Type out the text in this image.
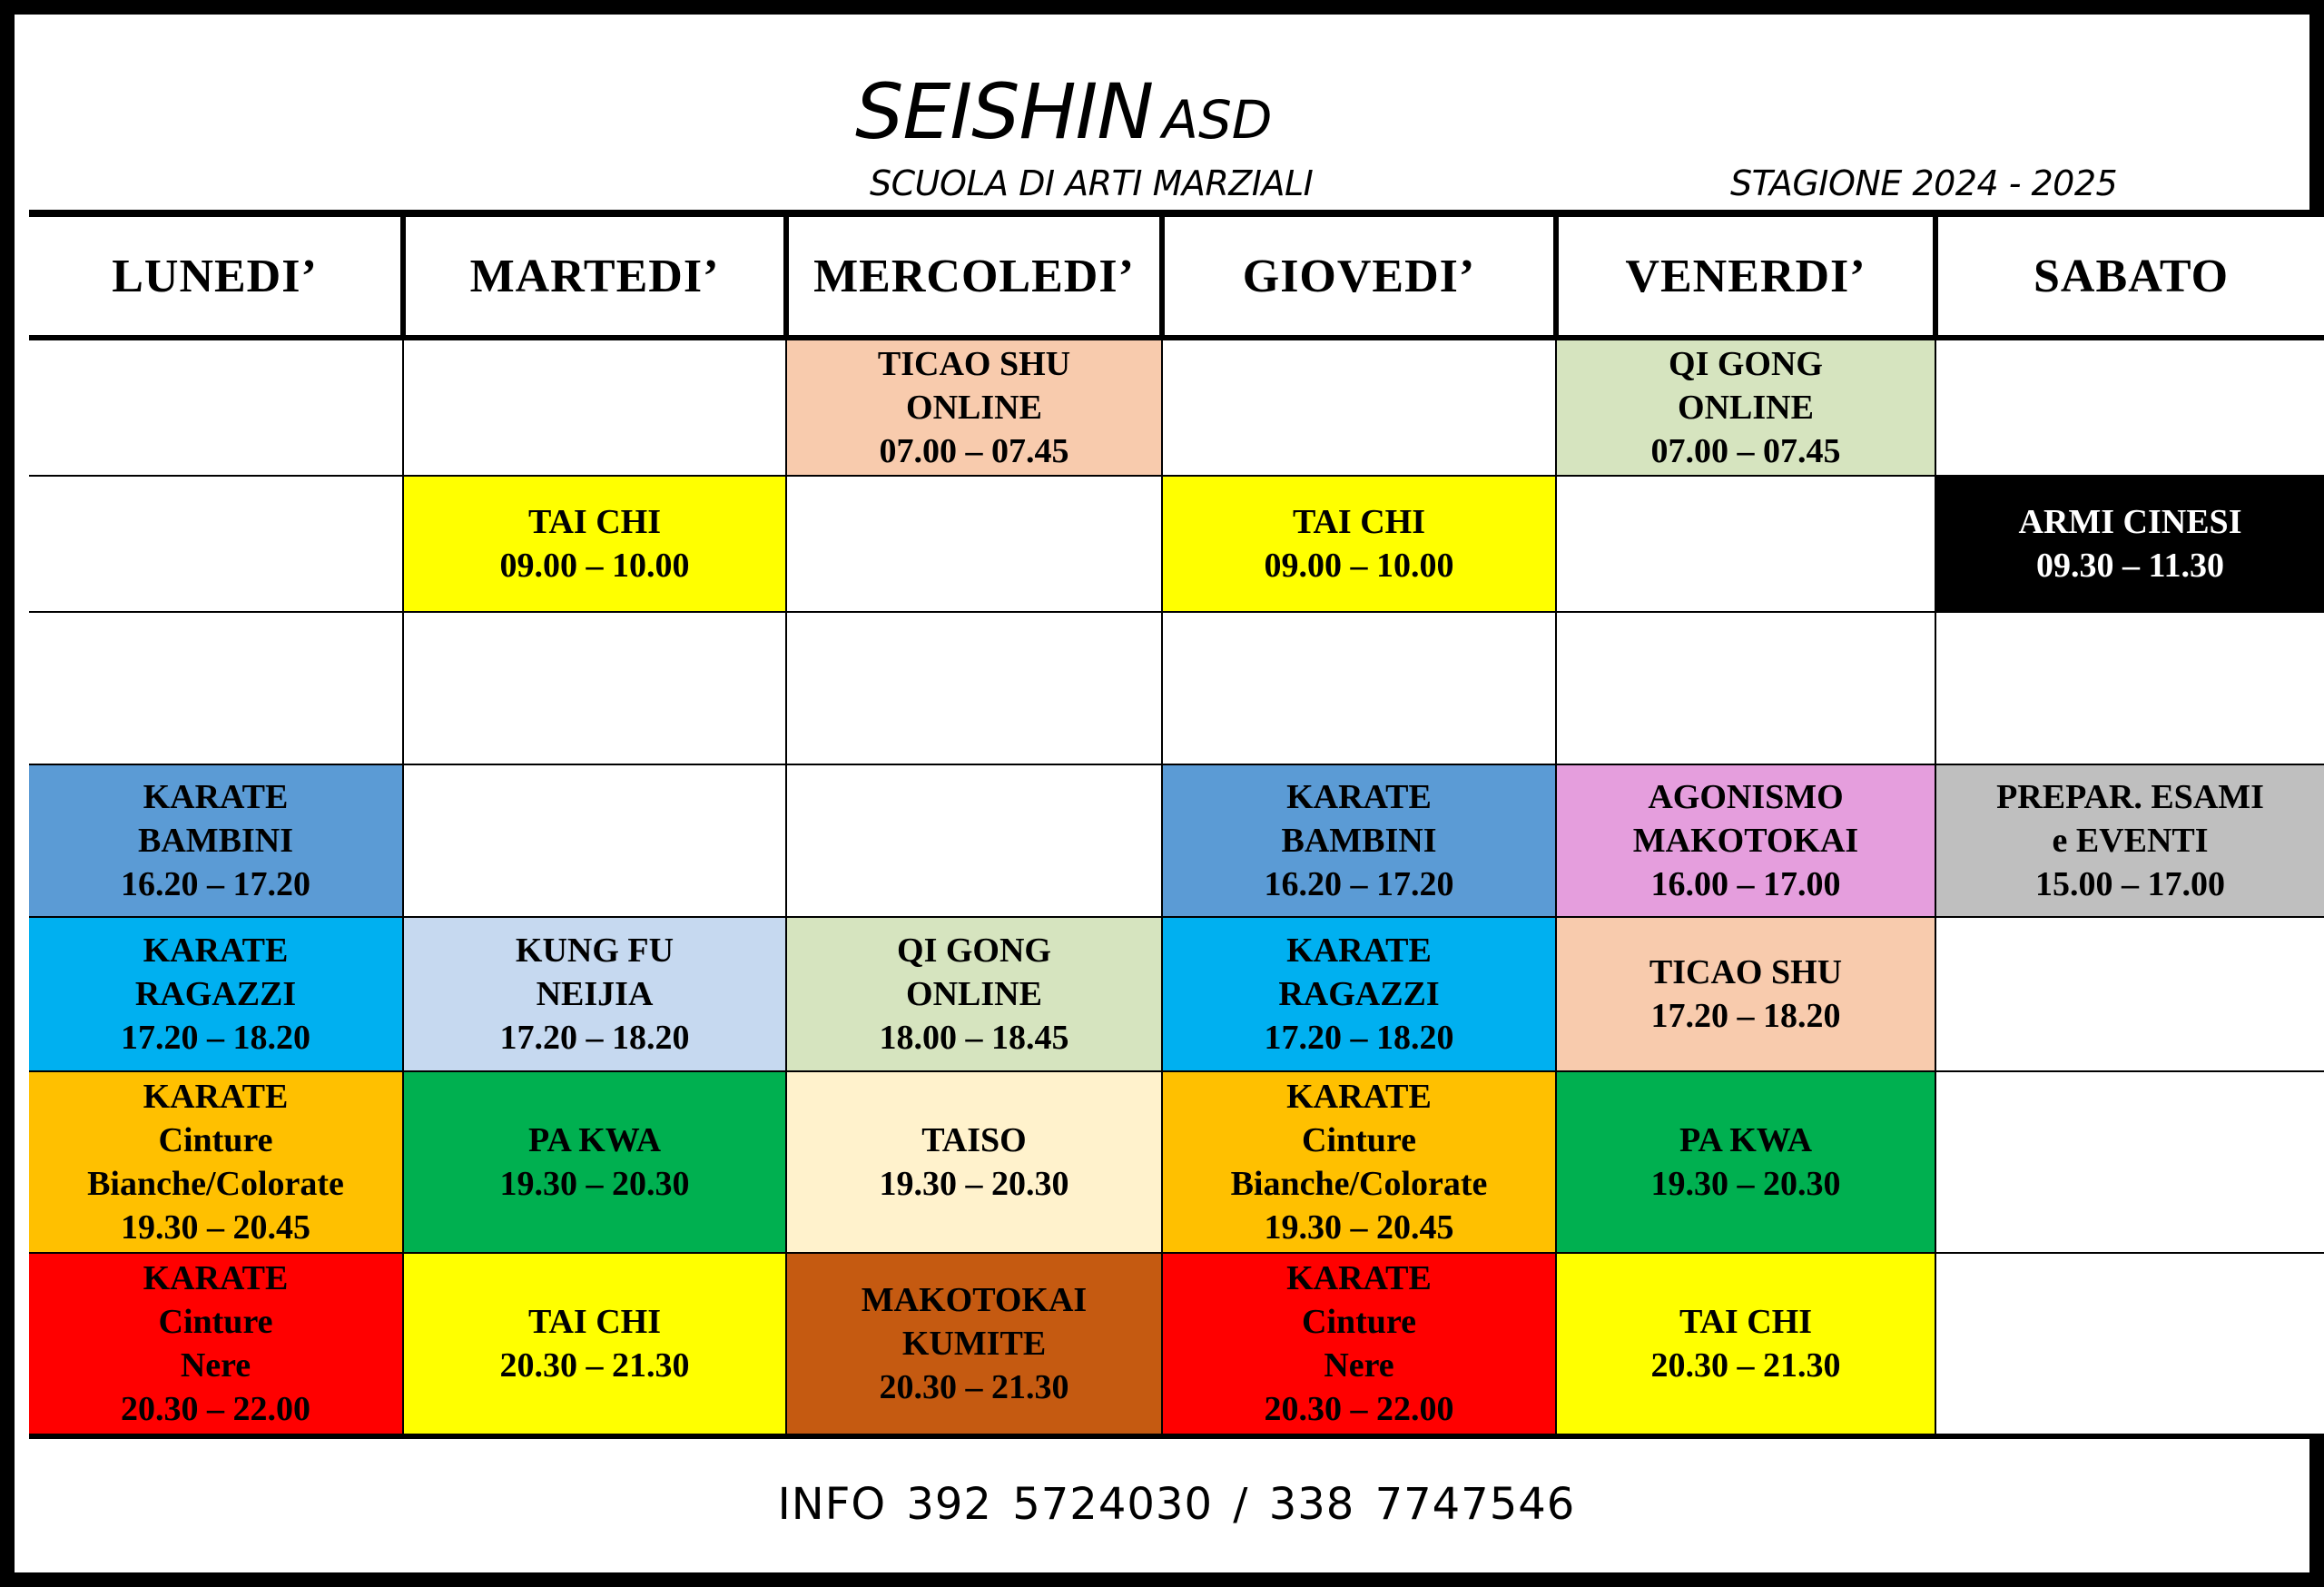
SEISHIN ASD
SCUOLA DI ARTI MARZIALI	STAGIONE 2024 - 2025
LUNEDI’	MARTEDI’	MERCOLEDI’	GIOVEDI’	VENERDI’	SABATO

		TICAO SHU
ONLINE
07.00 – 07.45		QI GONG
ONLINE
07.00 – 07.45	

	TAI CHI
09.00 – 10.00		TAI CHI
09.00 – 10.00		ARMI CINESI
09.30 – 11.30

KARATE
BAMBINI
16.20 – 17.20			KARATE
BAMBINI
16.20 – 17.20	AGONISMO
MAKOTOKAI
16.00 – 17.00	PREPAR. ESAMI
e EVENTI
15.00 – 17.00

KARATE
RAGAZZI
17.20 – 18.20	KUNG FU
NEIJIA
17.20 – 18.20	QI GONG
ONLINE
18.00 – 18.45	KARATE
RAGAZZI
17.20 – 18.20	TICAO SHU
17.20 – 18.20	

KARATE
Cinture
Bianche/Colorate
19.30 – 20.45	PA KWA
19.30 – 20.30	TAISO
19.30 – 20.30	KARATE
Cinture
Bianche/Colorate
19.30 – 20.45	PA KWA
19.30 – 20.30	

KARATE
Cinture
Nere
20.30 – 22.00	TAI CHI
20.30 – 21.30	MAKOTOKAI
KUMITE
20.30 – 21.30	KARATE
Cinture
Nere
20.30 – 22.00	TAI CHI
20.30 – 21.30	

INFO 392 5724030 / 338 7747546
